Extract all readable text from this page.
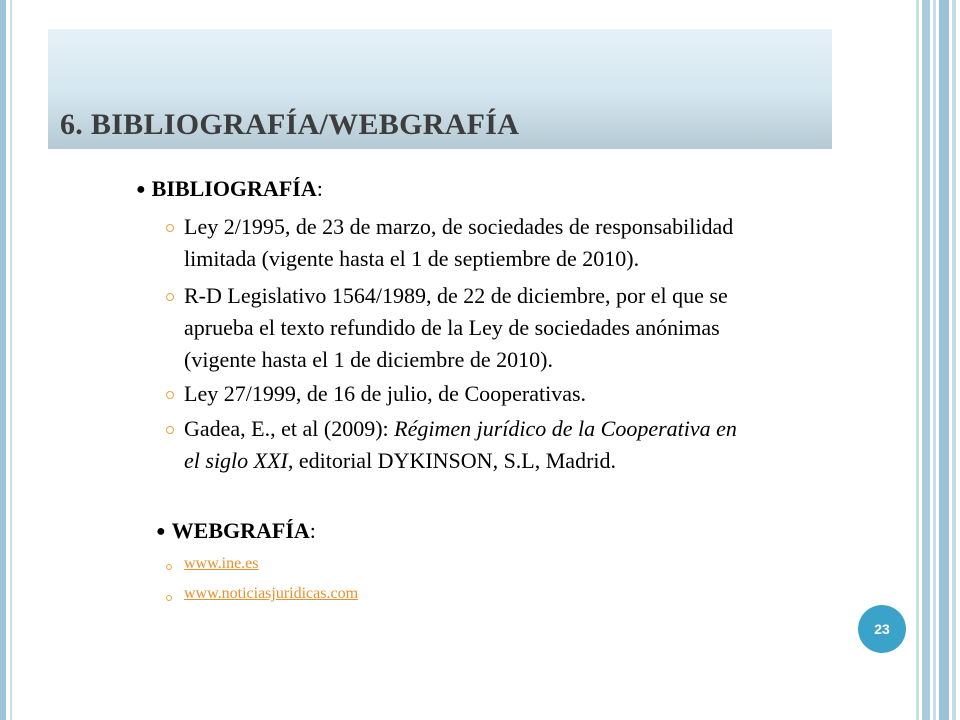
6. BIBLIOGRAFÍA/WEBGRAFÍA
● BIBLIOGRAFÍA:
Ley 2/1995, de 23 de marzo, de sociedades de responsabilidad
limitada (vigente hasta el 1 de septiembre de 2010).
R-D Legislativo 1564/1989, de 22 de diciembre, por el que se
aprueba el texto refundido de la Ley de sociedades anónimas
(vigente hasta el 1 de diciembre de 2010).
Ley 27/1999, de 16 de julio, de Cooperativas.
Gadea, E., et al (2009): Régimen jurídico de la Cooperativa en
el siglo XXI, editorial DYKINSON, S.L, Madrid.
● WEBGRAFÍA:
www.ine.es
www.noticiasjuridicas.com
23
